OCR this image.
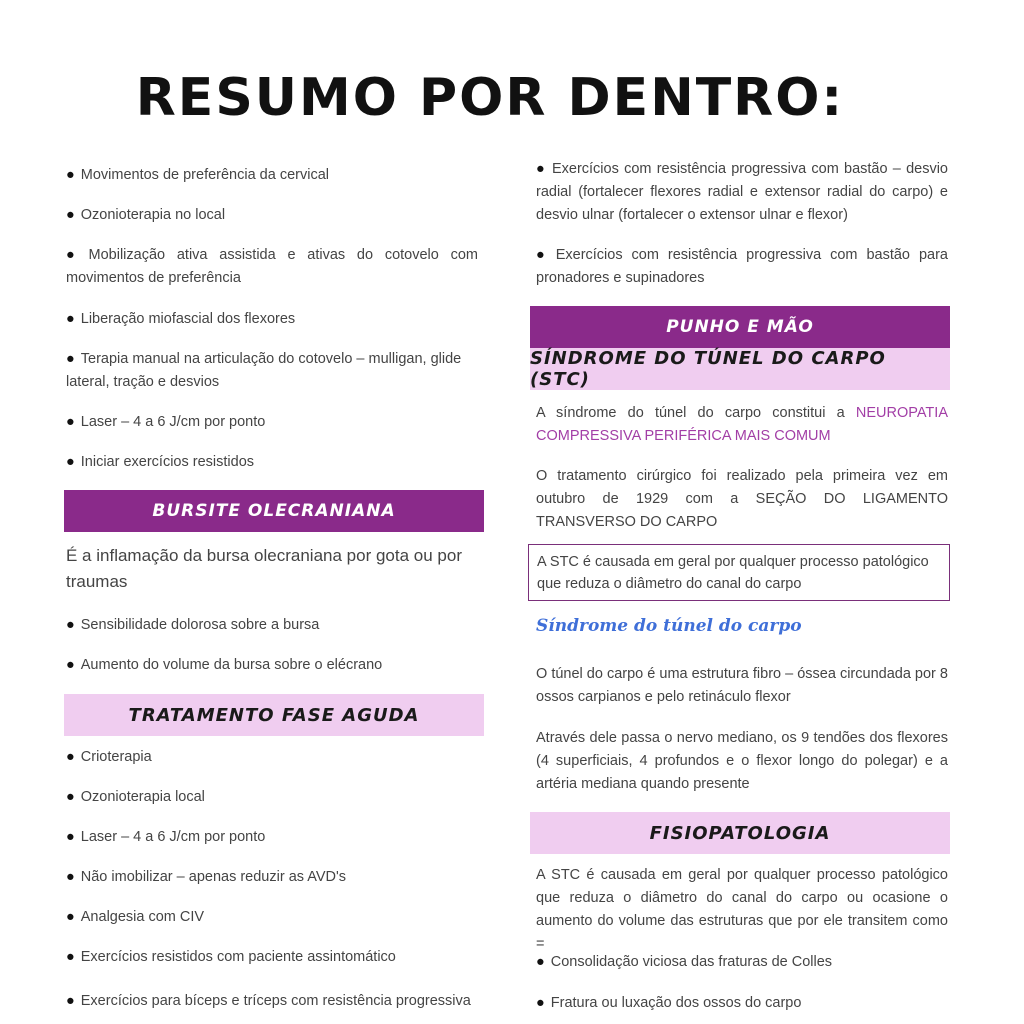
RESUMO POR DENTRO:
● Movimentos de preferência da cervical
● Ozonioterapia no local
● Mobilização ativa assistida e ativas do cotovelo com movimentos de preferência
● Liberação miofascial dos flexores
● Terapia manual na articulação do cotovelo – mulligan, glide lateral, tração e desvios
● Laser – 4 a 6 J/cm por ponto
● Iniciar exercícios resistidos
BURSITE OLECRANIANA
É a inflamação da bursa olecraniana por gota ou por traumas
● Sensibilidade dolorosa sobre a bursa
● Aumento do volume da bursa sobre o elécrano
TRATAMENTO FASE AGUDA
● Crioterapia
● Ozonioterapia local
● Laser – 4 a 6 J/cm por ponto
● Não imobilizar – apenas reduzir as AVD's
● Analgesia com CIV
● Exercícios resistidos com paciente assintomático
● Exercícios para bíceps e tríceps com resistência progressiva
● Exercícios com resistência progressiva com bastão – desvio radial (fortalecer flexores radial e extensor radial do carpo) e desvio ulnar (fortalecer o extensor ulnar e flexor)
● Exercícios com resistência progressiva com bastão para pronadores e supinadores
PUNHO E MÃO
SÍNDROME DO TÚNEL DO CARPO (STC)
A síndrome do túnel do carpo constitui a NEUROPATIA COMPRESSIVA PERIFÉRICA MAIS COMUM
O tratamento cirúrgico foi realizado pela primeira vez em outubro de 1929 com a SEÇÃO DO LIGAMENTO TRANSVERSO DO CARPO
A STC é causada em geral por qualquer processo patológico que reduza o diâmetro do canal do carpo
Síndrome do túnel do carpo
O túnel do carpo é uma estrutura fibro – óssea circundada por 8 ossos carpianos e pelo retináculo flexor
Através dele passa o nervo mediano, os 9 tendões dos flexores (4 superficiais, 4 profundos e o flexor longo do polegar) e a artéria mediana quando presente
FISIOPATOLOGIA
A STC é causada em geral por qualquer processo patológico que reduza o diâmetro do canal do carpo ou ocasione o aumento do volume das estruturas que por ele transitem como =
● Consolidação viciosa das fraturas de Colles
● Fratura ou luxação dos ossos do carpo
